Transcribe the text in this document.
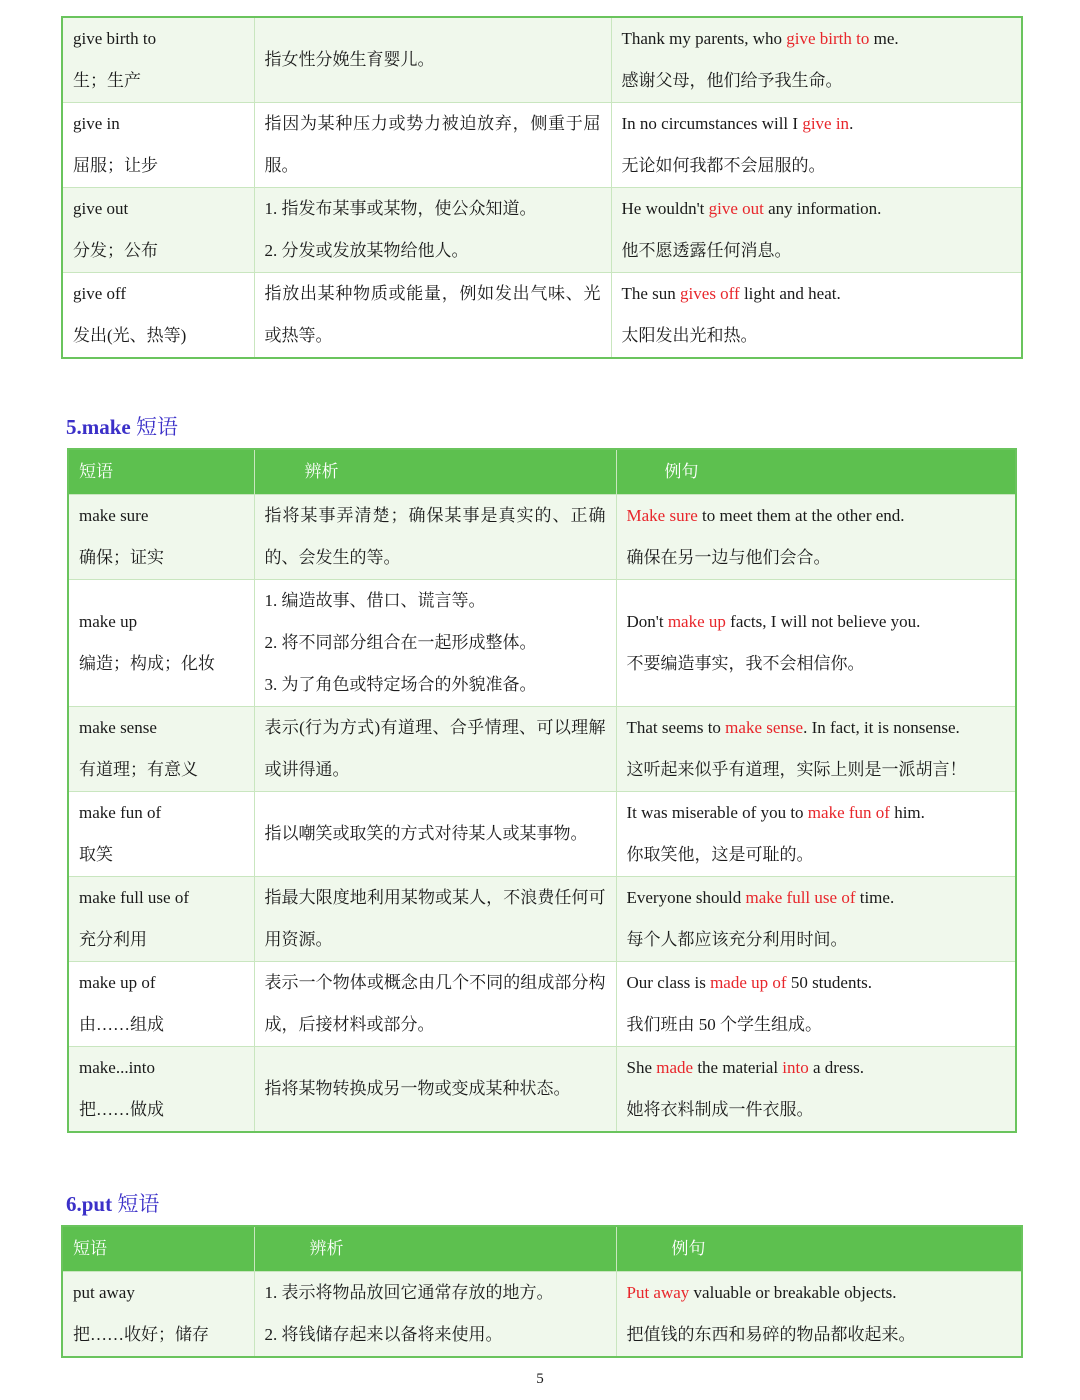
give birth to
生；生产	指女性分娩生育婴儿。	Thank my parents, who give birth to me.
感谢父母，他们给予我生命。

give in
屈服；让步	指因为某种压力或势力被迫放弃，侧重于屈服。	In no circumstances will I give in.
无论如何我都不会屈服的。

give out
分发；公布	1. 指发布某事或某物，使公众知道。
2. 分发或发放某物给他人。	He wouldn't give out any information.
他不愿透露任何消息。

give off
发出(光、热等)	指放出某种物质或能量，例如发出气味、光或热等。	The sun gives off light and heat.
太阳发出光和热。
5.make 短语
短语	辨析	例句

make sure
确保；证实	指将某事弄清楚；确保某事是真实的、正确的、会发生的等。	Make sure to meet them at the other end.
确保在另一边与他们会合。

make up
编造；构成；化妆	1. 编造故事、借口、谎言等。
2. 将不同部分组合在一起形成整体。
3. 为了角色或特定场合的外貌准备。	Don't make up facts, I will not believe you.
不要编造事实，我不会相信你。

make sense
有道理；有意义	表示(行为方式)有道理、合乎情理、可以理解或讲得通。	That seems to make sense. In fact, it is nonsense.
这听起来似乎有道理，实际上则是一派胡言！

make fun of
取笑	指以嘲笑或取笑的方式对待某人或某事物。	It was miserable of you to make fun of him.
你取笑他，这是可耻的。

make full use of
充分利用	指最大限度地利用某物或某人，不浪费任何可用资源。	Everyone should make full use of time.
每个人都应该充分利用时间。

make up of
由……组成	表示一个物体或概念由几个不同的组成部分构成，后接材料或部分。	Our class is made up of 50 students.
我们班由 50 个学生组成。

make...into
把……做成	指将某物转换成另一物或变成某种状态。	She made the material into a dress.
她将衣料制成一件衣服。
6.put 短语
短语	辨析	例句

put away
把……收好；储存	1. 表示将物品放回它通常存放的地方。
2. 将钱储存起来以备将来使用。	Put away valuable or breakable objects.
把值钱的东西和易碎的物品都收起来。
5
